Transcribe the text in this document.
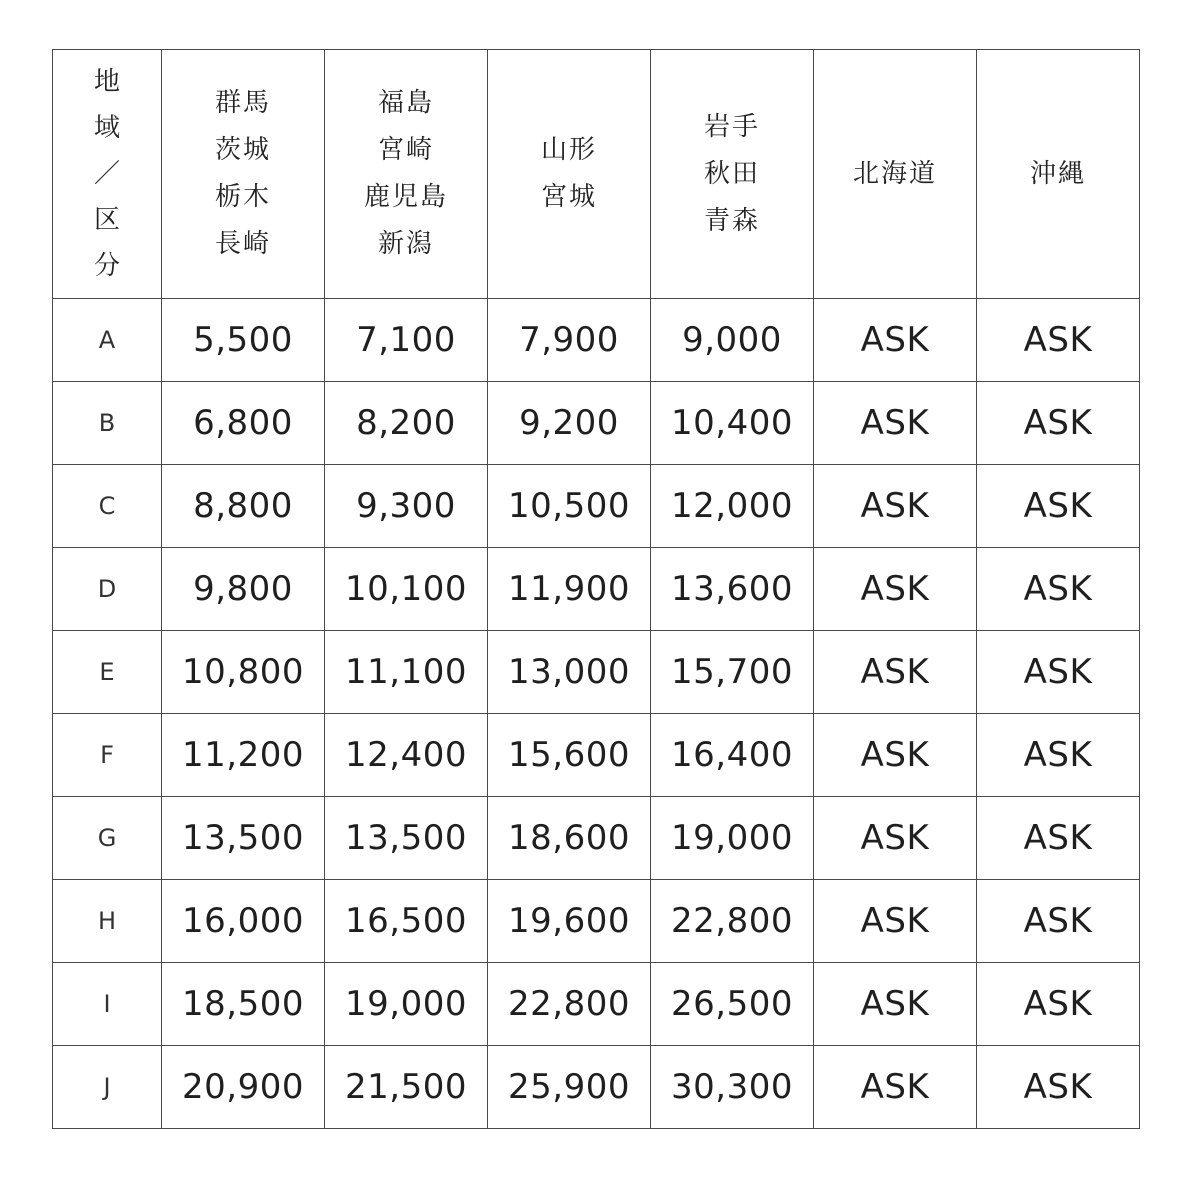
地
域
／
区
分	群馬
茨城
栃木
長崎	福島
宮崎
鹿児島
新潟	山形
宮城	岩手
秋田
青森	北海道	沖縄

A	5,500	7,100	7,900	9,000	ASK	ASK
B	6,800	8,200	9,200	10,400	ASK	ASK
C	8,800	9,300	10,500	12,000	ASK	ASK
D	9,800	10,100	11,900	13,600	ASK	ASK
E	10,800	11,100	13,000	15,700	ASK	ASK
F	11,200	12,400	15,600	16,400	ASK	ASK
G	13,500	13,500	18,600	19,000	ASK	ASK
H	16,000	16,500	19,600	22,800	ASK	ASK
I	18,500	19,000	22,800	26,500	ASK	ASK
J	20,900	21,500	25,900	30,300	ASK	ASK
